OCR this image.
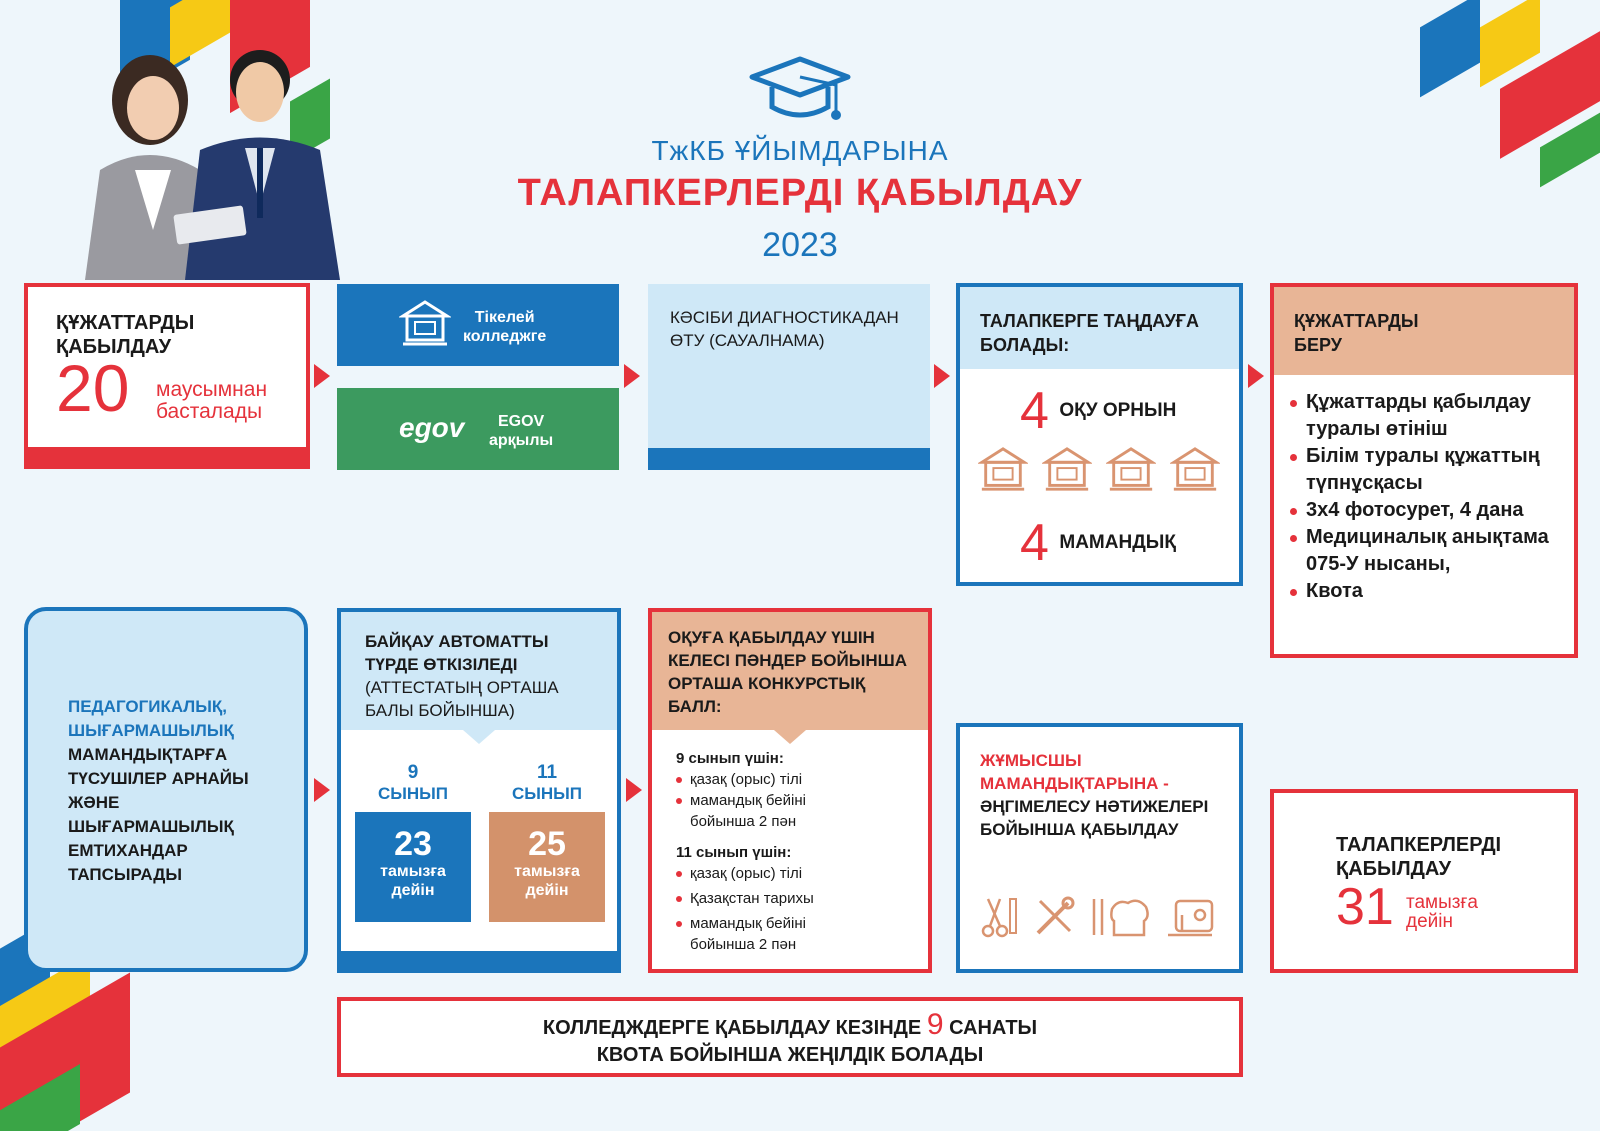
ТжКБ ҰЙЫМДАРЫНА
ТАЛАПКЕРЛЕРДІ ҚАБЫЛДАУ
2023
ҚҰЖАТТАРДЫ ҚАБЫЛДАУ
20 маусымнан
басталады
Тікелей
колледжге
egov	EGOV
арқылы
КӘСІБИ ДИАГНОСТИКАДАН ӨТУ (САУАЛНАМА)
ТАЛАПКЕРГЕ ТАҢДАУҒА БОЛАДЫ:
4 ОҚУ ОРНЫН
4 МАМАНДЫҚ
ҚҰЖАТТАРДЫ БЕРУ
Құжаттарды қабылдау туралы өтініш
Білім туралы құжаттың түпнұсқасы
3х4 фотосурет, 4 дана
Медициналық анықтама 075-У нысаны,
Квота
ПЕДАГОГИКАЛЫҚ, ШЫҒАРМАШЫЛЫҚ
МАМАНДЫҚТАРҒА ТҮСУШІЛЕР АРНАЙЫ ЖӘНЕ ШЫҒАРМАШЫЛЫҚ ЕМТИХАНДАР ТАПСЫРАДЫ
БАЙҚАУ АВТОМАТТЫ ТҮРДЕ ӨТКІЗІЛЕДІ
(АТТЕСТАТЫҢ ОРТАША БАЛЫ БОЙЫНША)
9
СЫНЫП
23
тамызға дейін
11
СЫНЫП
25
тамызға дейін
ОҚУҒА ҚАБЫЛДАУ ҮШІН КЕЛЕСІ ПӘНДЕР БОЙЫНША ОРТАША КОНКУРСТЫҚ БАЛЛ:
9 сынып үшін:
қазақ (орыс) тілі
мамандық бейіні бойынша 2 пән
11 сынып үшін:
қазақ (орыс) тілі
Қазақстан тарихы
мамандық бейіні бойынша 2 пән
ЖҰМЫСШЫ МАМАНДЫҚТАРЫНА -
ӘҢГІМЕЛЕСУ НӘТИЖЕЛЕРІ БОЙЫНША ҚАБЫЛДАУ
ТАЛАПКЕРЛЕРДІ ҚАБЫЛДАУ
31 тамызға
дейін
КОЛЛЕДЖДЕРГЕ ҚАБЫЛДАУ КЕЗІНДЕ 9 САНАТЫ
КВОТА БОЙЫНША ЖЕҢІЛДІК БОЛАДЫ
